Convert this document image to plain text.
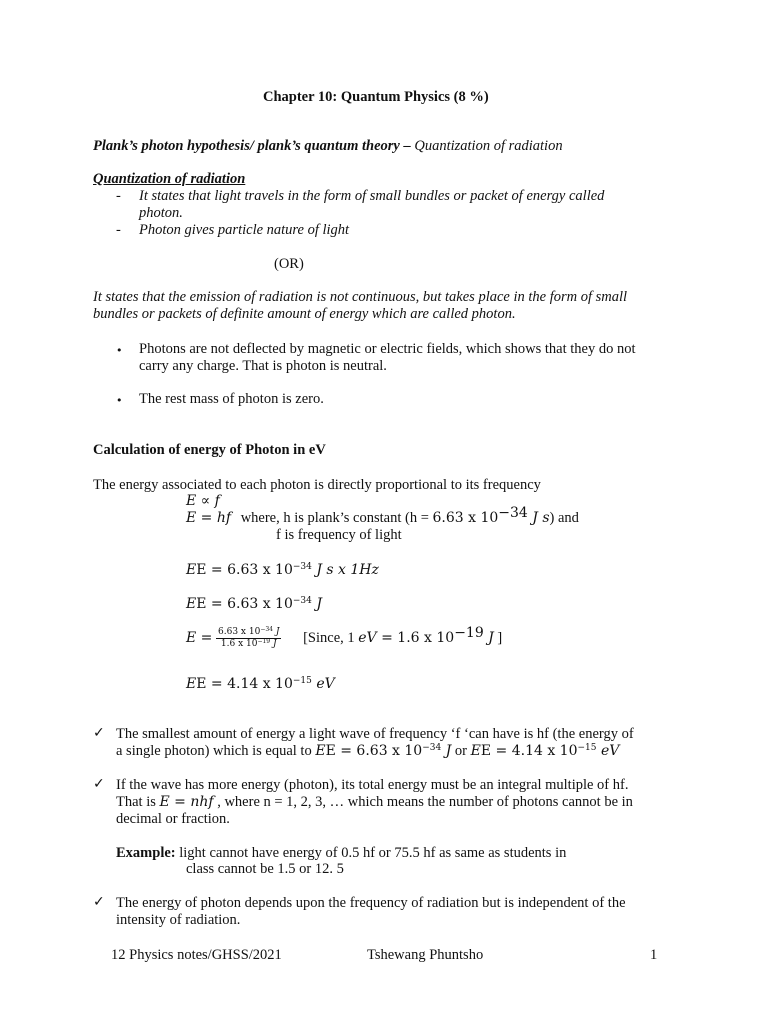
Chapter 10: Quantum Physics (8 %)
Plank’s photon hypothesis/ plank’s quantum theory – Quantization of radiation
Quantization of radiation
- It states that light travels in the form of small bundles or packet of energy called
photon.
- Photon gives particle nature of light
(OR)
It states that the emission of radiation is not continuous, but takes place in the form of small
bundles or packets of definite amount of energy which are called photon.
• Photons are not deflected by magnetic or electric fields, which shows that they do not
carry any charge. That is photon is neutral.
• The rest mass of photon is zero.
Calculation of energy of Photon in eV
The energy associated to each photon is directly proportional to its frequency
E ∝ f
E = hf where, h is plank’s constant (h = 6.63 x $10^{-34}$ J s) and
f is frequency of light
EE = 6.63 x $10^{-34}$ J s x 1Hz
EE = 6.63 x $10^{-34}$ J
$E = \frac{6.63 x 10^{-34} J}{1.6 x 10^{-19} J}$ [Since, 1 eV = 1.6 x $10^{-19}$ J ]
EE = 4.14 x $10^{-15}$ eV
✓ The smallest amount of energy a light wave of frequency ‘f ‘can have is hf (the energy of
a single photon) which is equal to EE = 6.63 x $10^{-34}$ J or EE = 4.14 x $10^{-15}$ eV
✓ If the wave has more energy (photon), its total energy must be an integral multiple of hf.
That is E = nhf , where n = 1, 2, 3, … which means the number of photons cannot be in
decimal or fraction.
Example: light cannot have energy of 0.5 hf or 75.5 hf as same as students in
class cannot be 1.5 or 12. 5
✓ The energy of photon depends upon the frequency of radiation but is independent of the
intensity of radiation.
12 Physics notes/GHSS/2021	Tshewang Phuntsho	1
